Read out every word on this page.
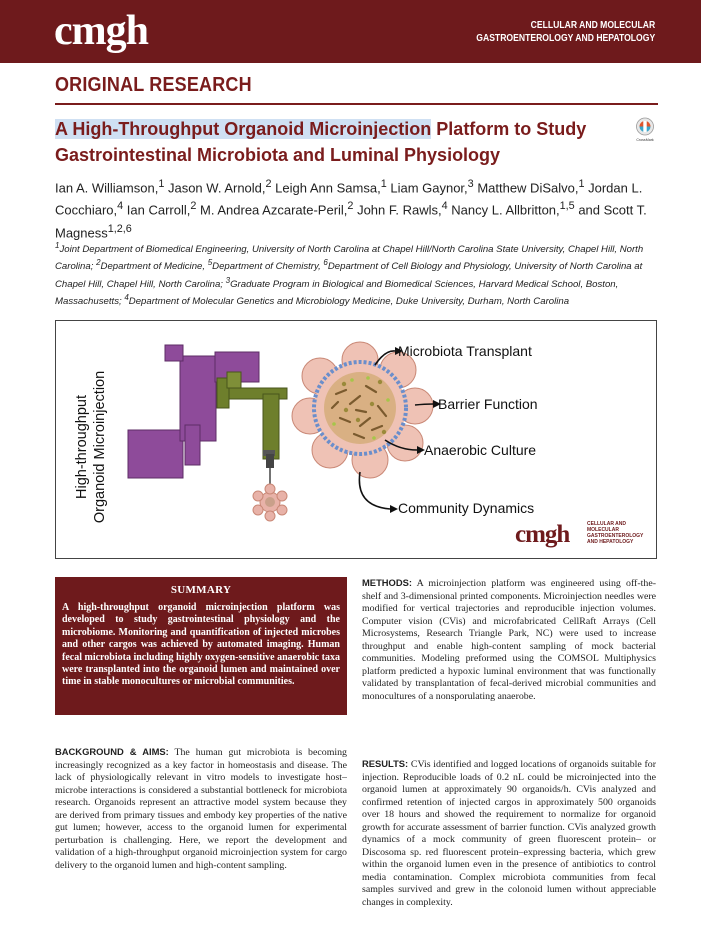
cmgh	CELLULAR AND MOLECULAR
GASTROENTEROLOGY AND HEPATOLOGY
ORIGINAL RESEARCH
A High-Throughput Organoid Microinjection Platform to Study
Gastrointestinal Microbiota and Luminal Physiology
CrossMark
Ian A. Williamson,$^1$ Jason W. Arnold,$^2$ Leigh Ann Samsa,$^1$ Liam Gaynor,$^3$ Matthew DiSalvo,$^1$ Jordan L. Cocchiaro,$^4$ Ian Carroll,$^2$ M. Andrea Azcarate-Peril,$^2$ John F. Rawls,$^4$ Nancy L. Allbritton,$^{1,5}$ and Scott T. Magness$^{1,2,6}$
$^1$Joint Department of Biomedical Engineering, University of North Carolina at Chapel Hill/North Carolina State University, Chapel Hill, North Carolina; $^2$Department of Medicine, $^5$Department of Chemistry, $^6$Department of Cell Biology and Physiology, University of North Carolina at Chapel Hill, Chapel Hill, North Carolina; $^3$Graduate Program in Biological and Biomedical Sciences, Harvard Medical School, Boston, Massachusetts; $^4$Department of Molecular Genetics and Microbiology Medicine, Duke University, Durham, North Carolina
Microbiota Transplant
Barrier Function
Anaerobic Culture
Community Dynamics
High-throughput Organoid Microinjection
cmgh	CELLULAR AND
MOLECULAR
GASTROENTEROLOGY
AND HEPATOLOGY
SUMMARY

A high-throughput organoid microinjection platform was developed to study gastrointestinal physiology and the microbiome. Monitoring and quantification of injected microbes and other cargos was achieved by automated imaging. Human fecal microbiota including highly oxygen-sensitive anaerobic taxa were transplanted into the organoid lumen and maintained over time in stable monocultures or microbial communities.

BACKGROUND & AIMS: The human gut microbiota is becoming increasingly recognized as a key factor in homeostasis and disease. The lack of physiologically relevant in vitro models to investigate host–microbe interactions is considered a substantial bottleneck for microbiota research. Organoids represent an attractive model system because they are derived from primary tissues and embody key properties of the native gut lumen; however, access to the organoid lumen for experimental perturbation is challenging. Here, we report the development and validation of a high-throughput organoid microinjection system for cargo delivery to the organoid lumen and high-content sampling.
METHODS: A microinjection platform was engineered using off-the-shelf and 3-dimensional printed components. Microinjection needles were modified for vertical trajectories and reproducible injection volumes. Computer vision (CVis) and microfabricated CellRaft Arrays (Cell Microsystems, Research Triangle Park, NC) were used to increase throughput and enable high-content sampling of mock bacterial communities. Modeling preformed using the COMSOL Multiphysics platform predicted a hypoxic luminal environment that was functionally validated by transplantation of fecal-derived microbial communities and monocultures of a nonsporulating anaerobe.
RESULTS: CVis identified and logged locations of organoids suitable for injection. Reproducible loads of 0.2 nL could be microinjected into the organoid lumen at approximately 90 organoids/h. CVis analyzed and confirmed retention of injected cargos in approximately 500 organoids over 18 hours and showed the requirement to normalize for organoid growth for accurate assessment of barrier function. CVis analyzed growth dynamics of a mock community of green fluorescent protein– or Discosoma sp. red fluorescent protein–expressing bacteria, which grew within the organoid lumen even in the presence of antibiotics to control media contamination. Complex microbiota communities from fecal samples survived and grew in the colonoid lumen without appreciable changes in complexity.
